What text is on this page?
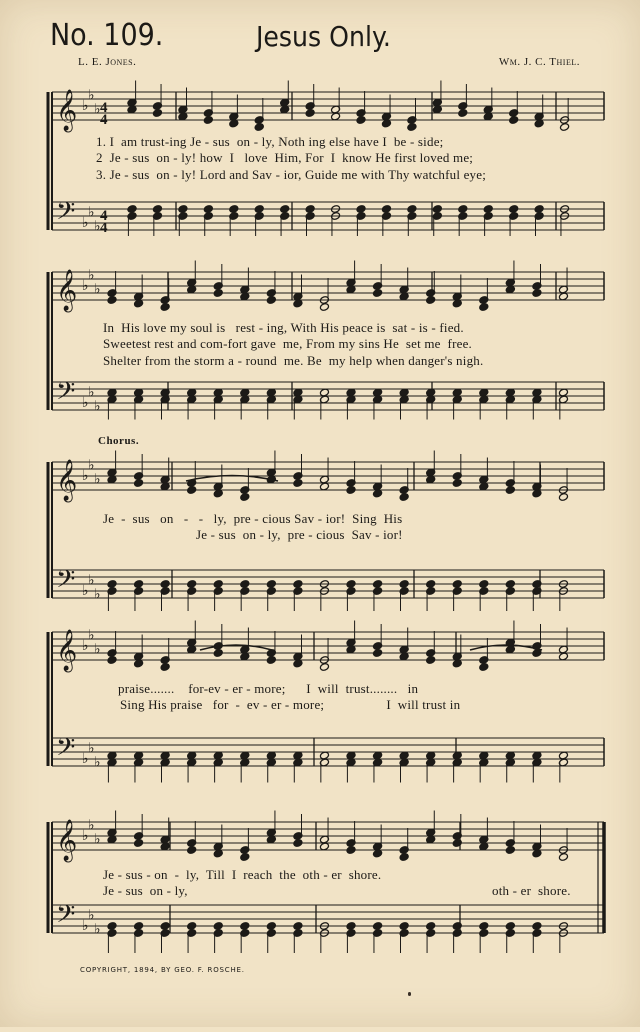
𝄞
𝄢
♭
♭
♭
♭
♭
♭
𝄞
𝄢
♭
♭
♭
♭
♭
♭
𝄞
𝄢
♭
♭
♭
♭
♭
♭
𝄞
𝄢
♭
♭
♭
♭
♭
♭
𝄞
𝄢
♭
♭
♭
♭
♭
♭
4
4
4
4
No. 109.	Jesus Only.
L. E. Jones.	Wm. J. C. Thiel.
1. I  am trust-ing Je - sus  on - ly, Noth ing else have I  be - side;
2  Je - sus  on - ly! how  I   love  Him, For  I  know He first loved me;
3. Je - sus  on - ly! Lord and Sav - ior, Guide me with Thy watchful eye;
In  His love my soul is   rest - ing, With His peace is  sat - is - fied.
Sweetest rest and com-fort gave  me, From my sins He  set me  free.
Shelter from the storm a - round  me. Be  my help when danger's nigh.
Chorus.
Je  -  sus   on   -   -   ly,  pre - cious Sav - ior!  Sing  His
Je - sus  on - ly,  pre - cious  Sav - ior!
praise.......    for-ev - er - more;      I  will  trust........   in
Sing His praise   for  -  ev - er - more;                  I  will trust in
Je - sus - on  -  ly,  Till  I  reach  the  oth - er  shore.
Je - sus  on - ly,	oth - er  shore.
COPYRIGHT, 1894, BY GEO. F. ROSCHE.
